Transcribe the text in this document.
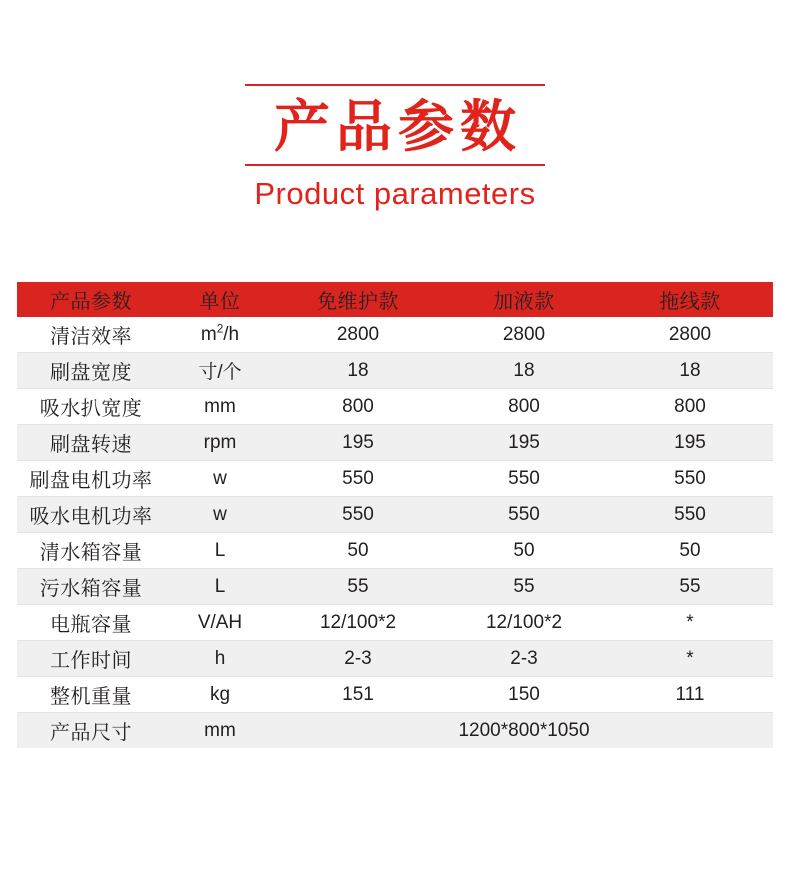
产品参数
Product parameters
产品参数	单位	免维护款	加液款	拖线款
清洁效率	$m^2/h$	2800	2800	2800
刷盘宽度	寸/个	18	18	18
吸水扒宽度	mm	800	800	800
刷盘转速	rpm	195	195	195
刷盘电机功率	w	550	550	550
吸水电机功率	w	550	550	550
清水箱容量	L	50	50	50
污水箱容量	L	55	55	55
电瓶容量	V/AH	12/100*2	12/100*2	*
工作时间	h	2-3	2-3	*
整机重量	kg	151	150	111
产品尺寸	mm	1200*800*1050		
